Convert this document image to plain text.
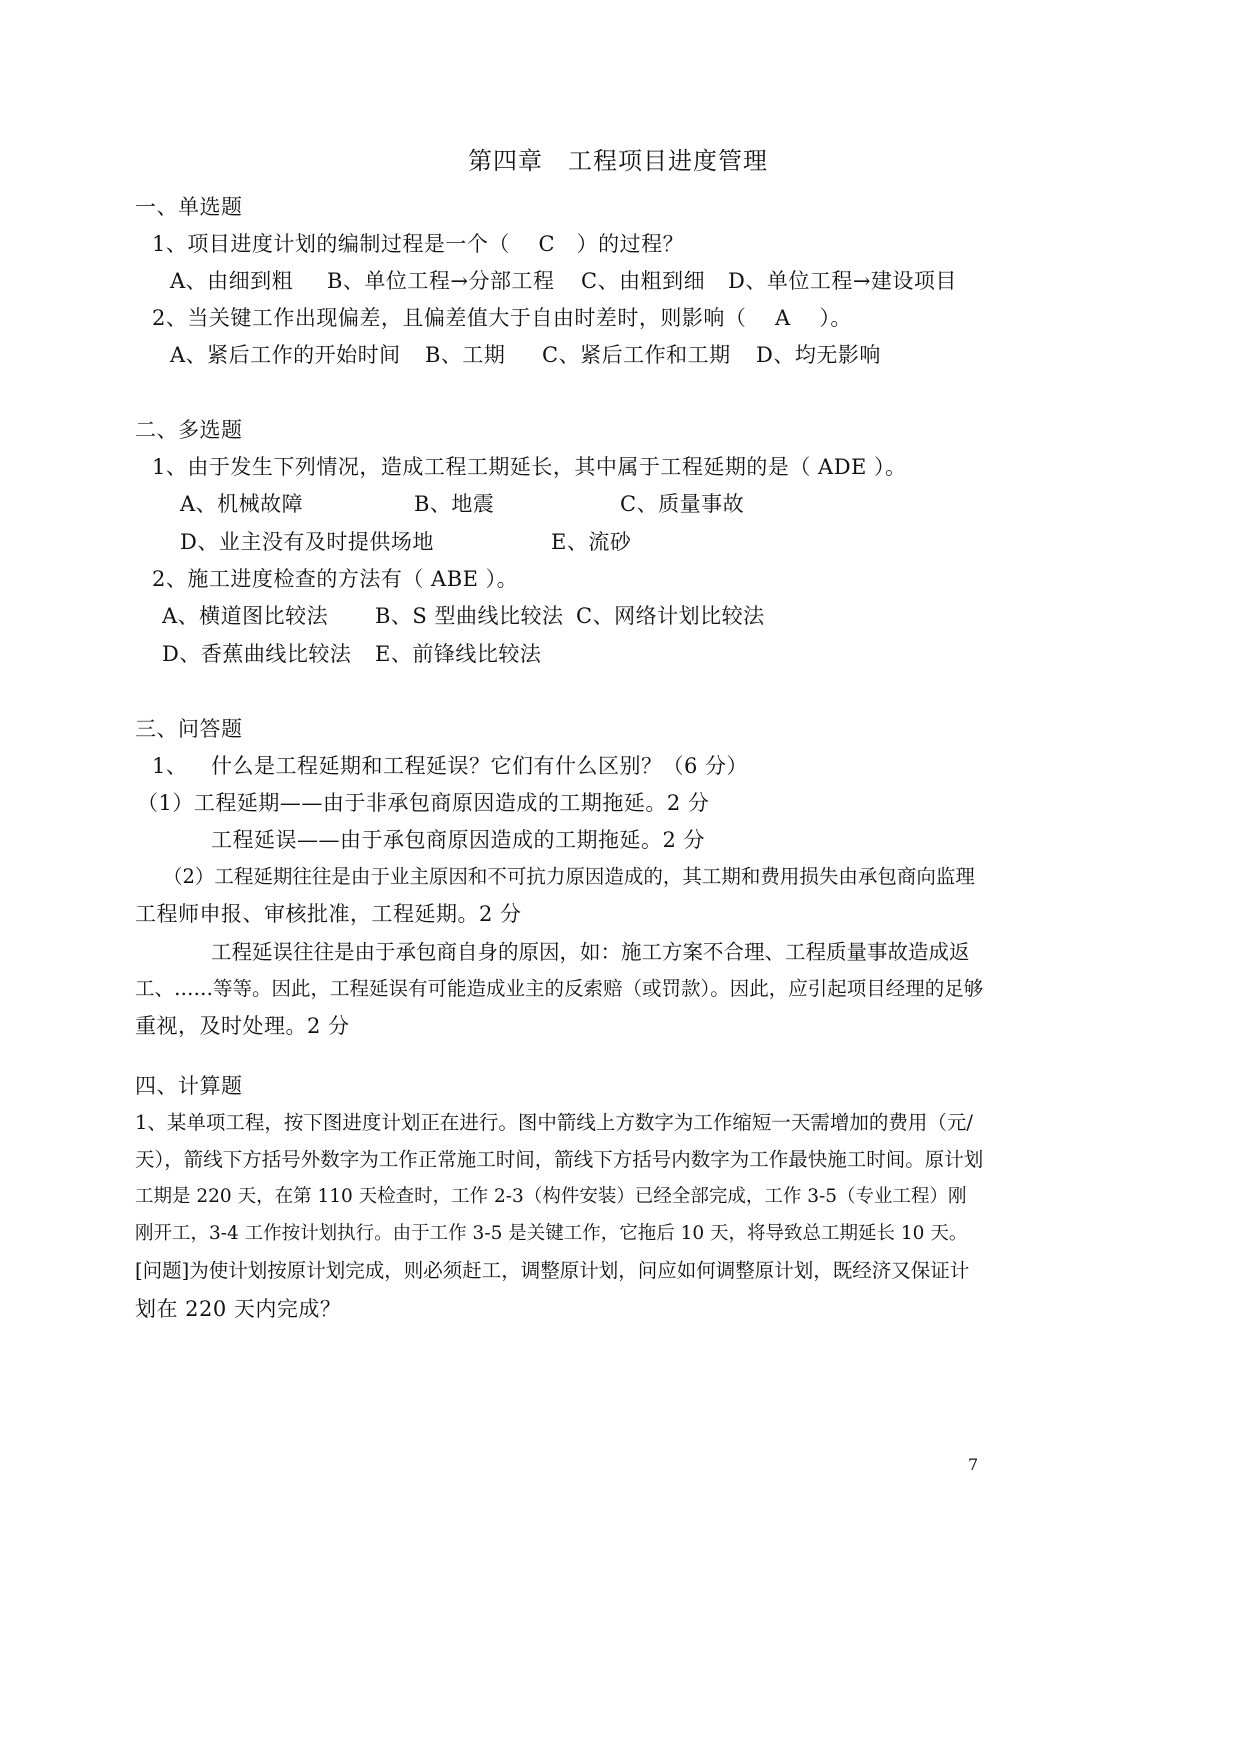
第四章　工程项目进度管理
一、单选题
1、项目进度计划的编制过程是一个（　 C　）的过程？
A、由细到粗 B、单位工程→分部工程 C、由粗到细 D、单位工程→建设项目
2、当关键工作出现偏差，且偏差值大于自由时差时，则影响（　 A　 ）。
A、紧后工作的开始时间 B、工期 C、紧后工作和工期 D、均无影响
二、多选题
1、由于发生下列情况，造成工程工期延长，其中属于工程延期的是（ ADE ）。
A、机械故障	B、地震	C、质量事故
D、业主没有及时提供场地	E、流砂
2、施工进度检查的方法有（ ABE ）。
A、横道图比较法 B、S 型曲线比较法 C、网络计划比较法
D、香蕉曲线比较法 E、前锋线比较法
三、问答题
1、 什么是工程延期和工程延误？它们有什么区别？（6 分）
（1）工程延期——由于非承包商原因造成的工期拖延。2 分
工程延误——由于承包商原因造成的工期拖延。2 分
（2）工程延期往往是由于业主原因和不可抗力原因造成的，其工期和费用损失由承包商向监理
工程师申报、审核批准，工程延期。2 分
工程延误往往是由于承包商自身的原因，如：施工方案不合理、工程质量事故造成返
工、……等等。因此，工程延误有可能造成业主的反索赔（或罚款）。因此，应引起项目经理的足够
重视，及时处理。2 分
四、计算题
1、某单项工程，按下图进度计划正在进行。图中箭线上方数字为工作缩短一天需增加的费用（元/
天），箭线下方括号外数字为工作正常施工时间，箭线下方括号内数字为工作最快施工时间。原计划
工期是 220 天，在第 110 天检查时，工作 2-3（构件安装）已经全部完成，工作 3-5（专业工程）刚
刚开工，3-4 工作按计划执行。由于工作 3-5 是关键工作，它拖后 10 天，将导致总工期延长 10 天。
[问题]为使计划按原计划完成，则必须赶工，调整原计划，问应如何调整原计划，既经济又保证计
划在 220 天内完成？
7
